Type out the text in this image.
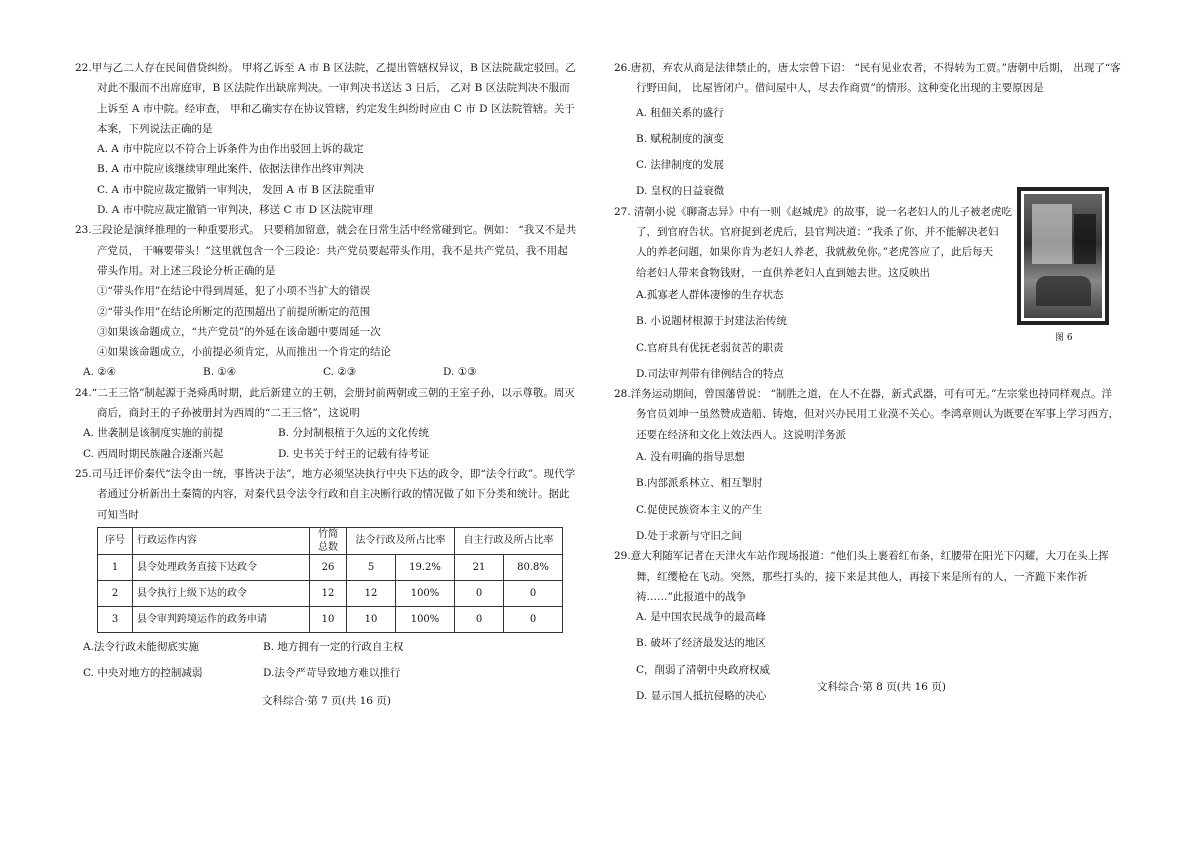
22.甲与乙二人存在民间借贷纠纷。 甲将乙诉至 A 市 B 区法院，乙提出管辖权异议，B 区法院裁定驳回。乙
对此不服而不出席庭审，B 区法院作出缺席判决。一审判决书送达 3 日后， 乙对 B 区法院判决不服而
上诉至 A 市中院。经审查， 甲和乙确实存在协议管辖，约定发生纠纷时应由 C 市 D 区法院管辖。关于
本案，下列说法正确的是
A. A 市中院应以不符合上诉条件为由作出驳回上诉的裁定
B. A 市中院应该继续审理此案件、依据法律作出终审判决
C. A 市中院应裁定撤销一审判决， 发回 A 市 B 区法院重审
D. A 市中院应裁定撤销一审判决，移送 C 市 D 区法院审理
23.三段论是演绎推理的一种重要形式。 只要稍加留意，就会在日常生活中经常碰到它。例如： “我又不是共
产党员， 干嘛要带头！”这里就包含一个三段论：共产党员要起带头作用，我不是共产党员，我不用起
带头作用。对上述三段论分析正确的是
①“带头作用”在结论中得到周延，犯了小项不当扩大的错误
②“带头作用”在结论所断定的范围超出了前提所断定的范围
③如果该命题成立，“共产党员”的外延在该命题中要周延一次
④如果该命题成立，小前提必须肯定，从而推出一个肯定的结论
A. ②④	B. ①④	C. ②③	D. ①③
24.“二王三恪”制起源于尧舜禹时期，此后新建立的王朝，会册封前两朝或三朝的王室子孙，以示尊敬。周灭
商后，商封王的子孙被册封为西周的“二王三恪”，这说明
A. 世袭制是该制度实施的前提	B. 分封制根植于久远的文化传统
C. 西周时期民族融合逐渐兴起	D. 史书关于纣王的记载有待考证
25.司马迁评价秦代“法令由一统，事皆决于法”，地方必须坚决执行中央下达的政令，即“法令行政”。现代学
者通过分析新出土秦简的内容，对秦代县令法令行政和自主决断行政的情况做了如下分类和统计。据此
可知当时
序号	行政运作内容	竹简总数	法令行政及所占比率		自主行政及所占比率	
1	县令处理政务直接下达政令	26	5	19.2%	21	80.8%
2	县令执行上级下达的政令	12	12	100%	0	0
3	县令审判跨境运作的政务申请	10	10	100%	0	0
A.法令行政未能彻底实施	B. 地方拥有一定的行政自主权
C. 中央对地方的控制减弱	D.法令严苛导致地方难以推行
文科综合·第 7 页(共 16 页)
26.唐初，弃农从商是法律禁止的，唐太宗曾下诏： “民有见业农者，不得转为工贾。”唐朝中后期， 出现了“客
行野田间， 比屋皆闭户。借问屋中人，尽去作商贾”的情形。这种变化出现的主要原因是
A. 租佃关系的盛行
B. 赋税制度的演变
C. 法律制度的发展
D. 皇权的日益衰微
27. 清朝小说《聊斋志异》中有一则《赵城虎》的故事，说一名老妇人的儿子被老虎吃
了，到官府告状。官府捉到老虎后，县官判决道：“我杀了你，并不能解决老妇
人的养老问题，如果你肯为老妇人养老，我就赦免你。”老虎答应了，此后每天
给老妇人带来食物钱财，一直供养老妇人直到她去世。这反映出
A.孤寡老人群体凄惨的生存状态
B. 小说题材根源于封建法治传统
C.官府具有优抚老弱贫苦的职责
D.司法审判带有律例结合的特点
28.洋务运动期间，曾国藩曾说： “制胜之道，在人不在器，新式武器，可有可无。”左宗棠也持同样观点。洋
务官员刘坤一虽然赞成造船、铸炮，但对兴办民用工业漠不关心。李鸿章则认为既要在军事上学习西方，
还要在经济和文化上效法西人。这说明洋务派
A. 没有明确的指导思想
B.内部派系林立、相互掣肘
C.促使民族资本主义的产生
D.处于求新与守旧之间
29.意大利随军记者在天津火车站作现场报道：“他们头上裹着红布条，红腰带在阳光下闪耀，大刀在头上挥
舞，红缨枪在飞动。突然，那些打头的，接下来是其他人，再接下来是所有的人，一齐跪下来作祈
祷……”此报道中的战争
A. 是中国农民战争的最高峰
B. 破坏了经济最发达的地区
C，削弱了清朝中央政府权威
D. 显示国人抵抗侵略的决心
文科综合·第 8 页(共 16 页)
图 6
